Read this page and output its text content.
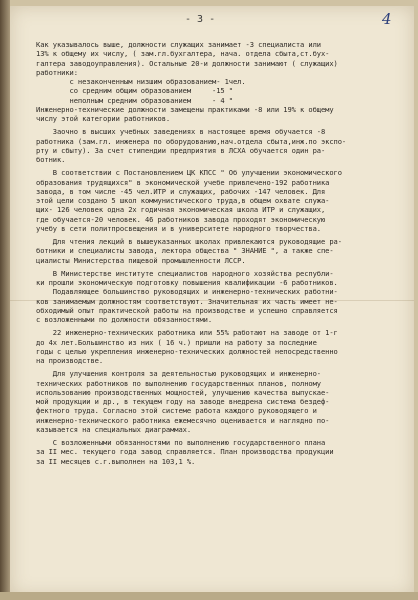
- 3 -	4
Как указывалось выше, должности служащих занимает -3 специалиста или
13% к общему их числу, ( зам.гл.бухгалтера, нача. отдела сбыта,ст.бух-
галтера заводоуправления). Остальные 20-и должности занимают ( служащих)
работники:
с незаконченным низшим образованием- 1чел.
со средним общим образованием     -15 "
неполным средним образованием     - 4 "
Инженерно-технические должности замещены практиками -8 или 19% к общему
числу этой категории работников.
Заочно в высших учебных заведениях в настоящее время обучается -8
работника (зам.гл. инженера по оборудованию,нач.отдела сбыта,инж.по экспо-
рту и сбыту). За счет стипендии предприятия в ЛСХА обучается один ра-
ботник.
В соответствии с Постановлением ЦК КПСС " Об улучшении экономического
образования трудящихся" в экономической учебе привлечено-192 работника
завода, в том числе -45 чел.ИТР и служащих, рабочих -147 человек. Для
этой цели создано 5 школ коммунистического труда,в общем охвате служа-
щих- 126 человек одна 2х годичная экономическая школа ИТР и служащих,
где обучается-20 человек. 46 работников завода проходят экономическую
учебу в сети политпросвещения и в университете народного творчества.
Для чтения лекций в вышеуказанных школах привлекаются руководящие ра-
ботники и специалисты завода, лектора общества " ЗНАНИЕ ", а также спе-
циалисты Министерства пищевой промышленности ЛССР.
В Министерстве институте специалистов народного хозяйства республи-
ки прошли экономическую подготовку повышения квалификации -6 работников.
Подавляющее большинство руководящих и инженерно-технических работни-
ков занимаемым должностям соответствуют. Значительная их часть имеет не-
обходимый опыт практической работы на производстве и успешно справляется
с возложенными по должности обязанностями.
22 инженерно-технических работника или 55% работают на заводе от 1-г
до 4х лет.Большинство из них ( 16 ч.) пришли на работу за последние
годы с целью укрепления инженерно-технических должностей непосредственно
на производстве.
Для улучшения контроля за деятельностью руководящих и инженерно-
технических работников по выполнению государственных планов, полному
использованию производственных мощностей, улучшению качества выпускае-
мой продукции и др., в текущем году на заводе внедрена система бездеф-
фектного труда. Согласно этой системе работа каждого руководящего и
инженерно-технического работника ежемесячно оценивается и наглядно по-
казывается на специальных диаграммах.
С возложенными обязанностями по выполнению государственного плана
за II мес. текущего года завод справляется. План производства продукции
за II месяцев с.г.выполнен на 103,1 %.
